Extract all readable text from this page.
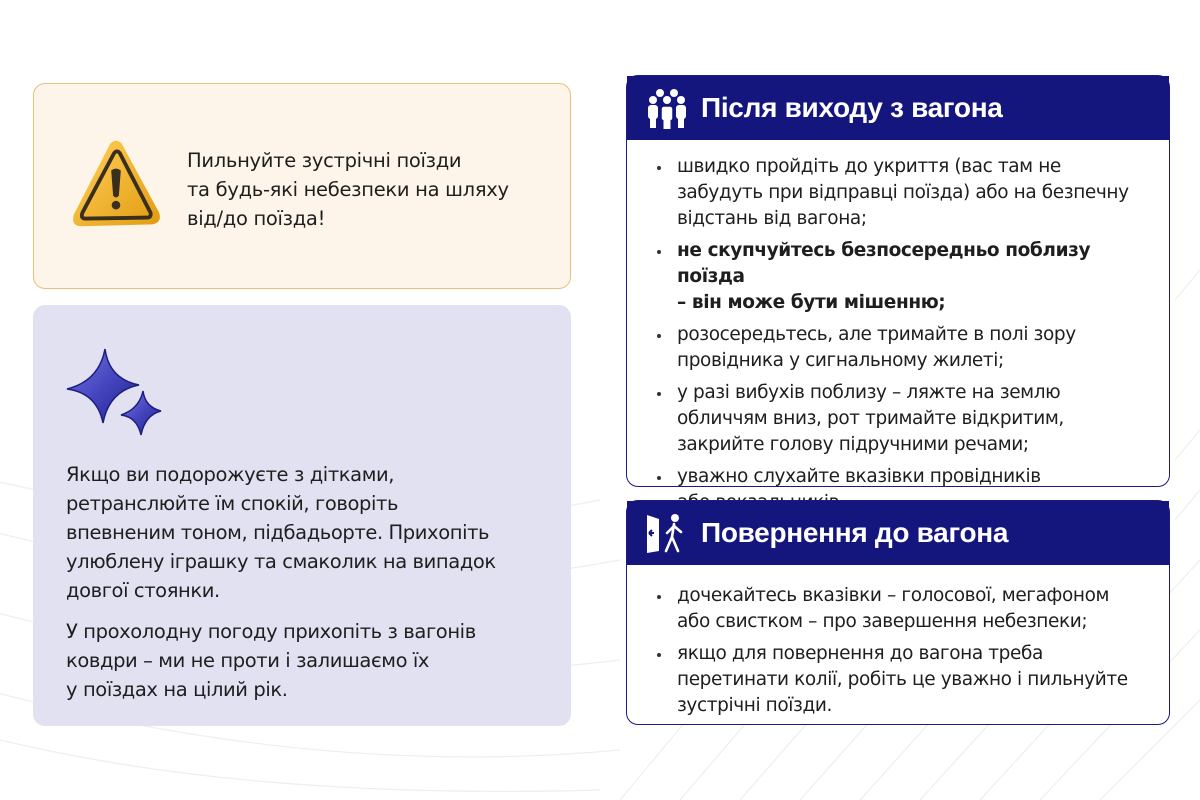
Пильнуйте зустрічні поїзди
та будь-які небезпеки на шляху
від/до поїзда!

Якщо ви подорожуєте з дітками,
ретранслюйте їм спокій, говоріть
впевненим тоном, підбадьорте. Прихопіть
улюблену іграшку та смаколик на випадок
довгої стоянки.

У прохолодну погоду прихопіть з вагонів
ковдри – ми не проти і залишаємо їх
у поїздах на цілий рік.

Після виходу з вагона
швидко пройдіть до укриття (вас там не
забудуть при відправці поїзда) або на безпечну
відстань від вагона;
не скупчуйтесь безпосередньо поблизу поїзда
– він може бути мішенню;
розосередьтесь, але тримайте в полі зору
провідника у сигнальному жилеті;
у разі вибухів поблизу – ляжте на землю
обличчям вниз, рот тримайте відкритим,
закрийте голову підручними речами;
уважно слухайте вказівки провідників
Повернення до вагона
дочекайтесь вказівки – голосової, мегафоном
або свистком – про завершення небезпеки;
якщо для повернення до вагона треба
перетинати колії, робіть це уважно і пильнуйте
зустрічні поїзди.
